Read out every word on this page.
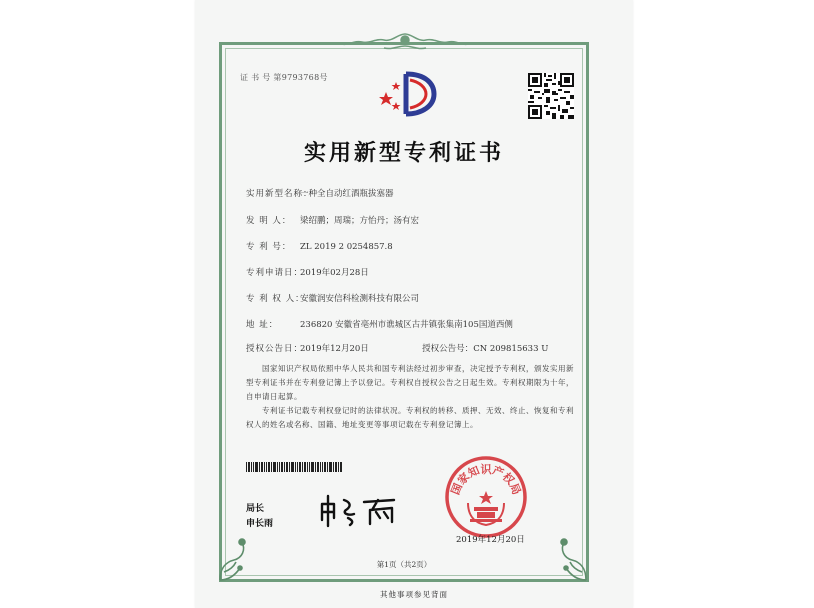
证 书 号 第9793768号
实用新型专利证书
实用新型名称：一种全自动红酒瓶拔塞器
发 明 人： 梁绍鹏；周瑞；方怡丹；汤有宏
专 利 号： ZL 2019 2 0254857.8
专利申请日：2019年02月28日
专 利 权 人：安徽润安信科检测科技有限公司
地 址：	236820 安徽省亳州市谯城区古井镇张集南105国道西侧
授权公告日：2019年12月20日	授权公告号：CN 209815633 U
国家知识产权局依照中华人民共和国专利法经过初步审查，决定授予专利权，颁发实用新型专利证书并在专利登记簿上予以登记。专利权自授权公告之日起生效。专利权期限为十年，自申请日起算。
专利证书记载专利权登记时的法律状况。专利权的转移、质押、无效、终止、恢复和专利权人的姓名或名称、国籍、地址变更等事项记载在专利登记簿上。
局长
申长雨
国家知识产权局
2019年12月20日
第1页（共2页）
其他事项参见背面
